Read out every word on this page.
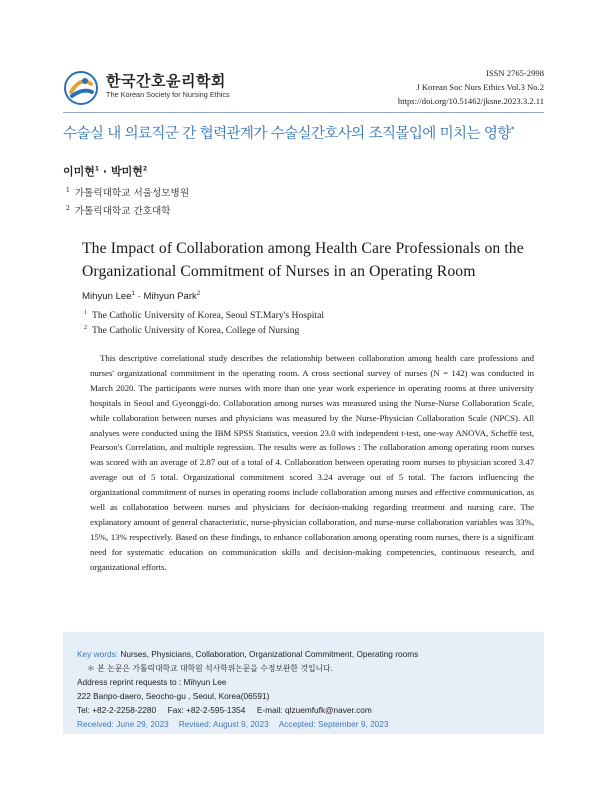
한국간호윤리학회
The Korean Society for Nursing Ethics
ISSN 2765-2998
J Korean Soc Nurs Ethics Vol.3 No.2
https://doi.org/10.51462/jksne.2023.3.2.11
수술실 내 의료직군 간 협력관계가 수술실간호사의 조직몰입에 미치는 영향*
이미현$^1$ · 박미현$^2$
$^1$ 가톨릭대학교 서울성모병원
$^2$ 가톨릭대학교 간호대학
The Impact of Collaboration among Health Care Professionals on the Organizational Commitment of Nurses in an Operating Room
Mihyun Lee$^1$ · Mihyun Park$^2$
$^1$ The Catholic University of Korea, Seoul ST.Mary's Hospital
$^2$ The Catholic University of Korea, College of Nursing
This descriptive correlational study describes the relationship between collaboration among health care professions and nurses' organizational commitment in the operating room. A cross sectional survey of nurses (N = 142) was conducted in March 2020. The participants were nurses with more than one year work experience in operating rooms at three university hospitals in Seoul and Gyeonggi-do. Collaboration among nurses was measured using the Nurse-Nurse Collaboration Scale, while collaboration between nurses and physicians was measured by the Nurse-Physician Collaboration Scale (NPCS). All analyses were conducted using the IBM SPSS Statistics, version 23.0 with independent t-test, one-way ANOVA, Scheffé test, Pearson's Correlation, and multiple regression. The results were as follows : The collaboration among operating room nurses was scored with an average of 2.87 out of a total of 4. Collaboration between operating room nurses to physician scored 3.47 average out of 5 total. Organizational commitment scored 3.24 average out of 5 total. The factors influencing the organizational commitment of nurses in operating rooms include collaboration among nurses and effective communication, as well as collaboration between nurses and physicians for decision-making regarding treatment and nursing care. The explanatory amount of general characteristic, nurse-physician collaboration, and nurse-nurse collaboration variables was 33%, 15%, 13% respectively. Based on these findings, to enhance collaboration among operating room nurses, there is a significant need for systematic education on communication skills and decision-making competencies, continuous research, and organizational efforts.
Key words: Nurses, Physicians, Collaboration, Organizational Commitment, Operating rooms
＊ 본 논문은 가톨릭대학교 대학원 석사학위논문을 수정보완한 것입니다.
Address reprint requests to : Mihyun Lee
222 Banpo-daero, Seocho-gu , Seoul, Korea(06591)
Tel: +82-2-2258-2280     Fax: +82-2-595-1354     E-mail: qlzuemfufk@naver.com
Received: June 29, 2023 Revised: August 9, 2023 Accepted: September 9, 2023
